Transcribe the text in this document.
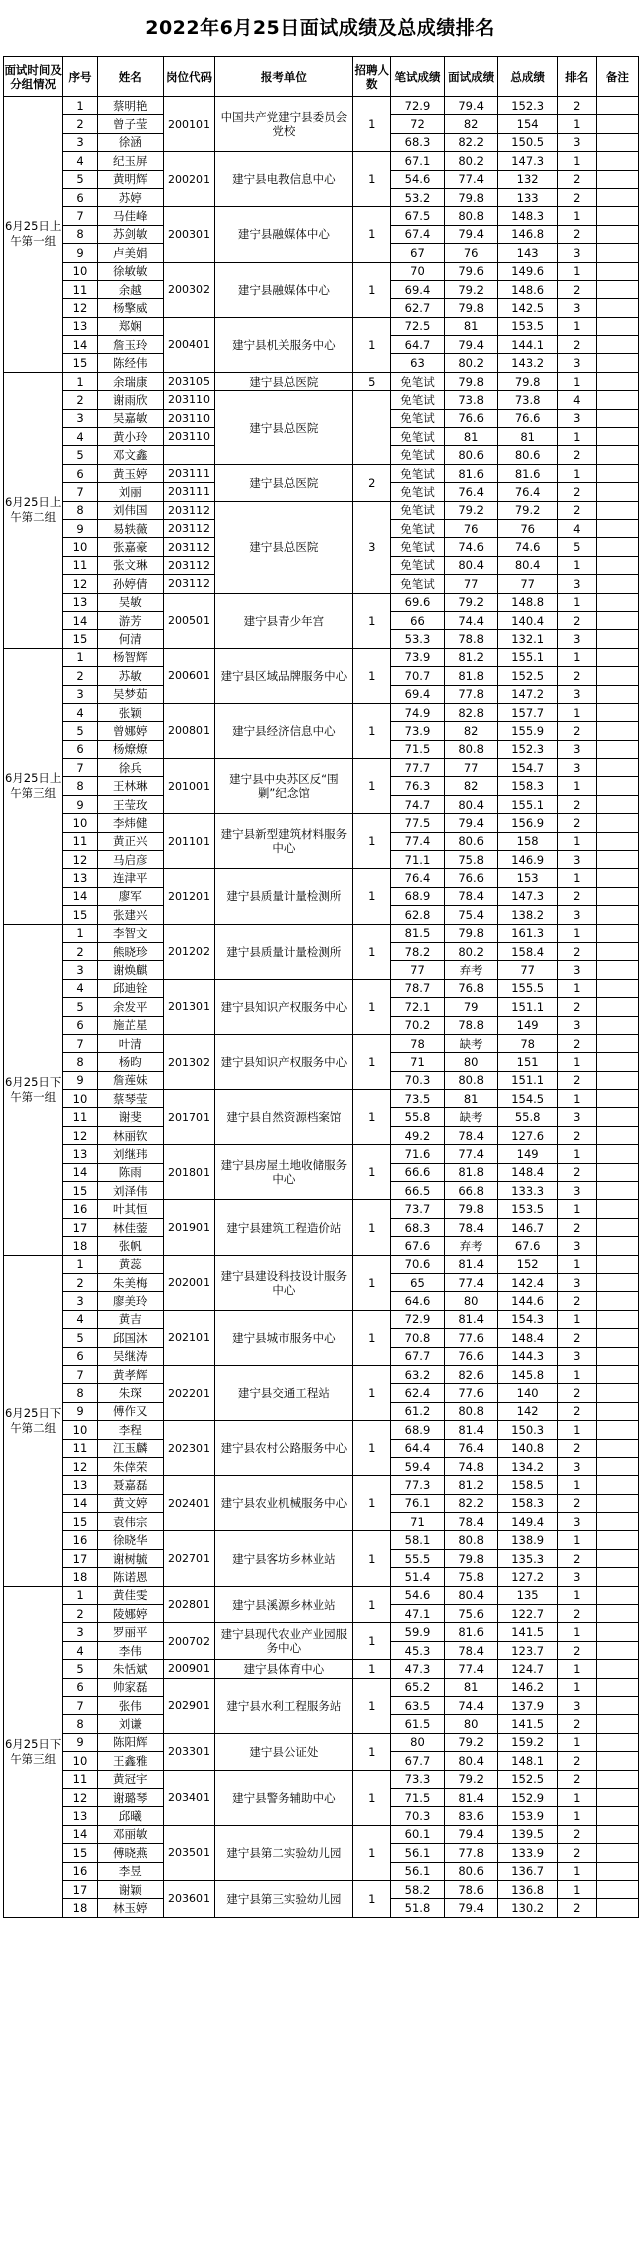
2022年6月25日面试成绩及总成绩排名
面试时间及分组情况	序号	姓名	岗位代码	报考单位	招聘人数	笔试成绩	面试成绩	总成绩	排名	备注
6月25日上午第一组	1	蔡明艳	200101	中国共产党建宁县委员会党校	1	72.9	79.4	152.3	2	
	2	曾子莹				72	82	154	1	
	3	徐涵				68.3	82.2	150.5	3	
	4	纪玉屏	200201	建宁县电教信息中心	1	67.1	80.2	147.3	1	
	5	黄明辉				54.6	77.4	132	2	
	6	苏婷				53.2	79.8	133	2	
	7	马佳峰	200301	建宁县融媒体中心	1	67.5	80.8	148.3	1	
	8	苏剑敏				67.4	79.4	146.8	2	
	9	卢美娟				67	76	143	3	
	10	徐敏敏	200302	建宁县融媒体中心	1	70	79.6	149.6	1	
	11	余越				69.4	79.2	148.6	2	
	12	杨擎威				62.7	79.8	142.5	3	
	13	郑娴	200401	建宁县机关服务中心	1	72.5	81	153.5	1	
	14	詹玉玲				64.7	79.4	144.1	2	
	15	陈经伟				63	80.2	143.2	3	
6月25日上午第二组	1	余瑞康	203105	建宁县总医院	5	免笔试	79.8	79.8	1	
	2	谢雨欣	203110	建宁县总医院		免笔试	73.8	73.8	4	
	3	吴嘉敏	203110			免笔试	76.6	76.6	3	
	4	黄小玲	203110			免笔试	81	81	1	
	5	邓文鑫				免笔试	80.6	80.6	2	
	6	黄玉婷	203111	建宁县总医院	2	免笔试	81.6	81.6	1	
	7	刘丽	203111			免笔试	76.4	76.4	2	
	8	刘伟国	203112	建宁县总医院	3	免笔试	79.2	79.2	2	
	9	易轶薇	203112			免笔试	76	76	4	
	10	张嘉豪	203112			免笔试	74.6	74.6	5	
	11	张文琳	203112			免笔试	80.4	80.4	1	
	12	孙婷倩	203112			免笔试	77	77	3	
	13	吴敏	200501	建宁县青少年宫	1	69.6	79.2	148.8	1	
	14	游芳				66	74.4	140.4	2	
	15	何清				53.3	78.8	132.1	3	
6月25日上午第三组	1	杨智辉	200601	建宁县区域品牌服务中心	1	73.9	81.2	155.1	1	
	2	苏敏				70.7	81.8	152.5	2	
	3	吴梦茹				69.4	77.8	147.2	3	
	4	张颖	200801	建宁县经济信息中心	1	74.9	82.8	157.7	1	
	5	曾娜婷				73.9	82	155.9	2	
	6	杨燎燎				71.5	80.8	152.3	3	
	7	徐兵	201001	建宁县中央苏区反“围剿”纪念馆	1	77.7	77	154.7	3	
	8	王林琳				76.3	82	158.3	1	
	9	王莹玫				74.7	80.4	155.1	2	
	10	李炜健	201101	建宁县新型建筑材料服务中心	1	77.5	79.4	156.9	2	
	11	黄正兴				77.4	80.6	158	1	
	12	马启彦				71.1	75.8	146.9	3	
	13	连津平	201201	建宁县质量计量检测所	1	76.4	76.6	153	1	
	14	廖军				68.9	78.4	147.3	2	
	15	张建兴				62.8	75.4	138.2	3	
6月25日下午第一组	1	李智文	201202	建宁县质量计量检测所	1	81.5	79.8	161.3	1	
	2	熊晓珍				78.2	80.2	158.4	2	
	3	谢焕麒				77	弃考	77	3	
	4	邱迪铨	201301	建宁县知识产权服务中心	1	78.7	76.8	155.5	1	
	5	余发平				72.1	79	151.1	2	
	6	施芷星				70.2	78.8	149	3	
	7	叶清	201302	建宁县知识产权服务中心	1	78	缺考	78	2	
	8	杨昀				71	80	151	1	
	9	詹莲妹				70.3	80.8	151.1	2	
	10	蔡琴莹	201701	建宁县自然资源档案馆	1	73.5	81	154.5	1	
	11	谢斐				55.8	缺考	55.8	3	
	12	林丽钦				49.2	78.4	127.6	2	
	13	刘继玮	201801	建宁县房屋土地收储服务中心	1	71.6	77.4	149	1	
	14	陈雨				66.6	81.8	148.4	2	
	15	刘泽伟				66.5	66.8	133.3	3	
	16	叶其恒	201901	建宁县建筑工程造价站	1	73.7	79.8	153.5	1	
	17	林佳蓥				68.3	78.4	146.7	2	
	18	张帆				67.6	弃考	67.6	3	
6月25日下午第二组	1	黄蕊	202001	建宁县建设科技设计服务中心	1	70.6	81.4	152	1	
	2	朱美梅				65	77.4	142.4	3	
	3	廖美玲				64.6	80	144.6	2	
	4	黄吉	202101	建宁县城市服务中心	1	72.9	81.4	154.3	1	
	5	邱国沐				70.8	77.6	148.4	2	
	6	吴继涛				67.7	76.6	144.3	3	
	7	黄孝辉	202201	建宁县交通工程站	1	63.2	82.6	145.8	1	
	8	朱琛				62.4	77.6	140	2	
	9	傅作又				61.2	80.8	142	2	
	10	李程	202301	建宁县农村公路服务中心	1	68.9	81.4	150.3	1	
	11	江玉麟				64.4	76.4	140.8	2	
	12	朱倖荣				59.4	74.8	134.2	3	
	13	聂嘉磊	202401	建宁县农业机械服务中心	1	77.3	81.2	158.5	1	
	14	黄文婷				76.1	82.2	158.3	2	
	15	袁伟宗				71	78.4	149.4	3	
	16	徐晓华	202701	建宁县客坊乡林业站	1	58.1	80.8	138.9	1	
	17	谢树毓				55.5	79.8	135.3	2	
	18	陈诺恩				51.4	75.8	127.2	3	
6月25日下午第三组	1	黄佳雯	202801	建宁县溪源乡林业站	1	54.6	80.4	135	1	
	2	陵娜婷				47.1	75.6	122.7	2	
	3	罗丽平	200702	建宁县现代农业产业园服务中心	1	59.9	81.6	141.5	1	
	4	李伟				45.3	78.4	123.7	2	
	5	朱恬斌	200901	建宁县体育中心	1	47.3	77.4	124.7	1	
	6	帅家磊	202901	建宁县水利工程服务站	1	65.2	81	146.2	1	
	7	张伟				63.5	74.4	137.9	3	
	8	刘谦				61.5	80	141.5	2	
	9	陈阳辉	203301	建宁县公证处	1	80	79.2	159.2	1	
	10	王鑫雅				67.7	80.4	148.1	2	
	11	黄冠宇	203401	建宁县警务辅助中心	1	73.3	79.2	152.5	2	
	12	谢璐琴				71.5	81.4	152.9	1	
	13	邱曦				70.3	83.6	153.9	1	
	14	邓丽敏	203501	建宁县第二实验幼儿园	1	60.1	79.4	139.5	2	
	15	傅晓燕				56.1	77.8	133.9	2	
	16	李昱				56.1	80.6	136.7	1	
	17	谢颖	203601	建宁县第三实验幼儿园	1	58.2	78.6	136.8	1	
	18	林玉婷				51.8	79.4	130.2	2	
